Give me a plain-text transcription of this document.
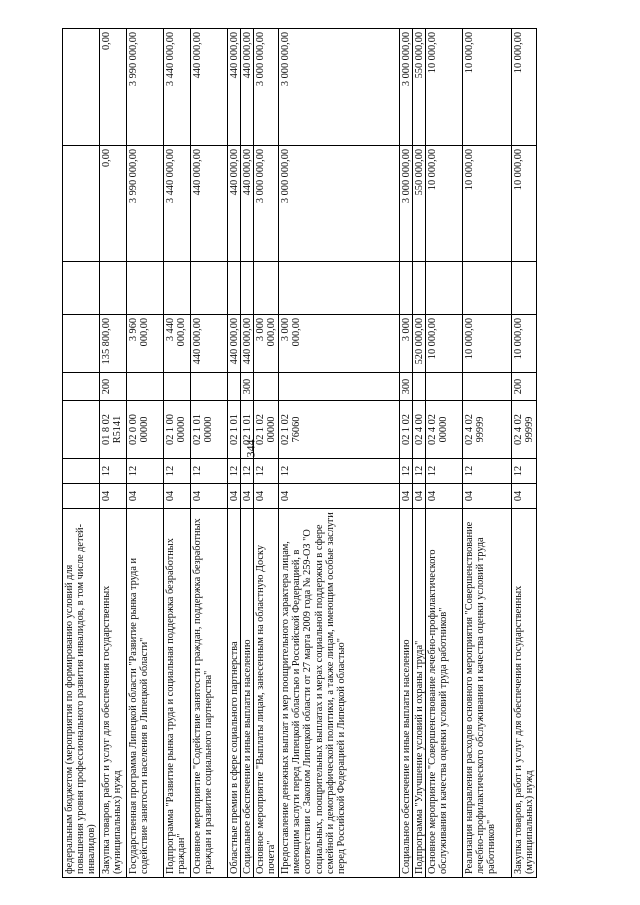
344
федеральным бюджетом (мероприятия по формированию условий для повышения уровня профессионального развития инвалидов, в том числе детей-инвалидов) Закупка товаров, работ и услуг для обеспечения государственных (муниципальных) нужд
04
12
01 8 02 R5141
200
135 800,00
0,00
0,00
Государственная программа Липецкой области "Развитие рынка труда и содействие занятости населения в Липецкой области"
04
12
02 0 00 00000
3 960 000,00
3 990 000,00
3 990 000,00
Подпрограмма "Развитие рынка труда и социальная поддержка безработных граждан"
04
12
02 1 00 00000
3 440 000,00
3 440 000,00
3 440 000,00
Основное мероприятие "Содействие занятости граждан, поддержка безработных граждан и развитие социального партнерства"
04
12
02 1 01 00000
440 000,00
440 000,00
440 000,00
Областные премии в сфере социального партнерства
04
12
02 1 01
440 000,00
440 000,00
440 000,00
Социальное обеспечение и иные выплаты населению
04
12
02 1 01
300
440 000,00
440 000,00
440 000,00
Основное мероприятие "Выплаты лицам, занесенным на областную Доску почета"
04
12
02 1 02 00000
3 000 000,00
3 000 000,00
3 000 000,00
Предоставление денежных выплат и мер поощрительного характера лицам, имеющим заслуги перед Липецкой областью и Российской Федерацией, в соответствии с Законом Липецкой области от 27 марта 2009 года № 259-ОЗ "О социальных, поощрительных выплатах и мерах социальной поддержки в сфере семейной и демографической политики, а также лицам, имеющим особые заслуги перед Российской Федерацией и Липецкой областью"
04
12
02 1 02 76060
3 000 000,00
3 000 000,00
3 000 000,00
Социальное обеспечение и иные выплаты населению
04
12
02 1 02
300
3 000
3 000 000,00
3 000 000,00
Подпрограмма "Улучшение условий и охраны труда"
04
12
02 4 00
520 000,00
550 000,00
550 000,00
Основное мероприятие "Совершенствование лечебно-профилактического обслуживания и качества оценки условий труда работников"
04
12
02 4 02 00000
10 000,00
10 000,00
10 000,00
Реализация направления расходов основного мероприятия "Совершенствование лечебно-профилактического обслуживания и качества оценки условий труда работников"
04
12
02 4 02 99999
10 000,00
10 000,00
10 000,00
Закупка товаров, работ и услуг для обеспечения государственных (муниципальных) нужд
04
12
02 4 02 99999
200
10 000,00
10 000,00
10 000,00
